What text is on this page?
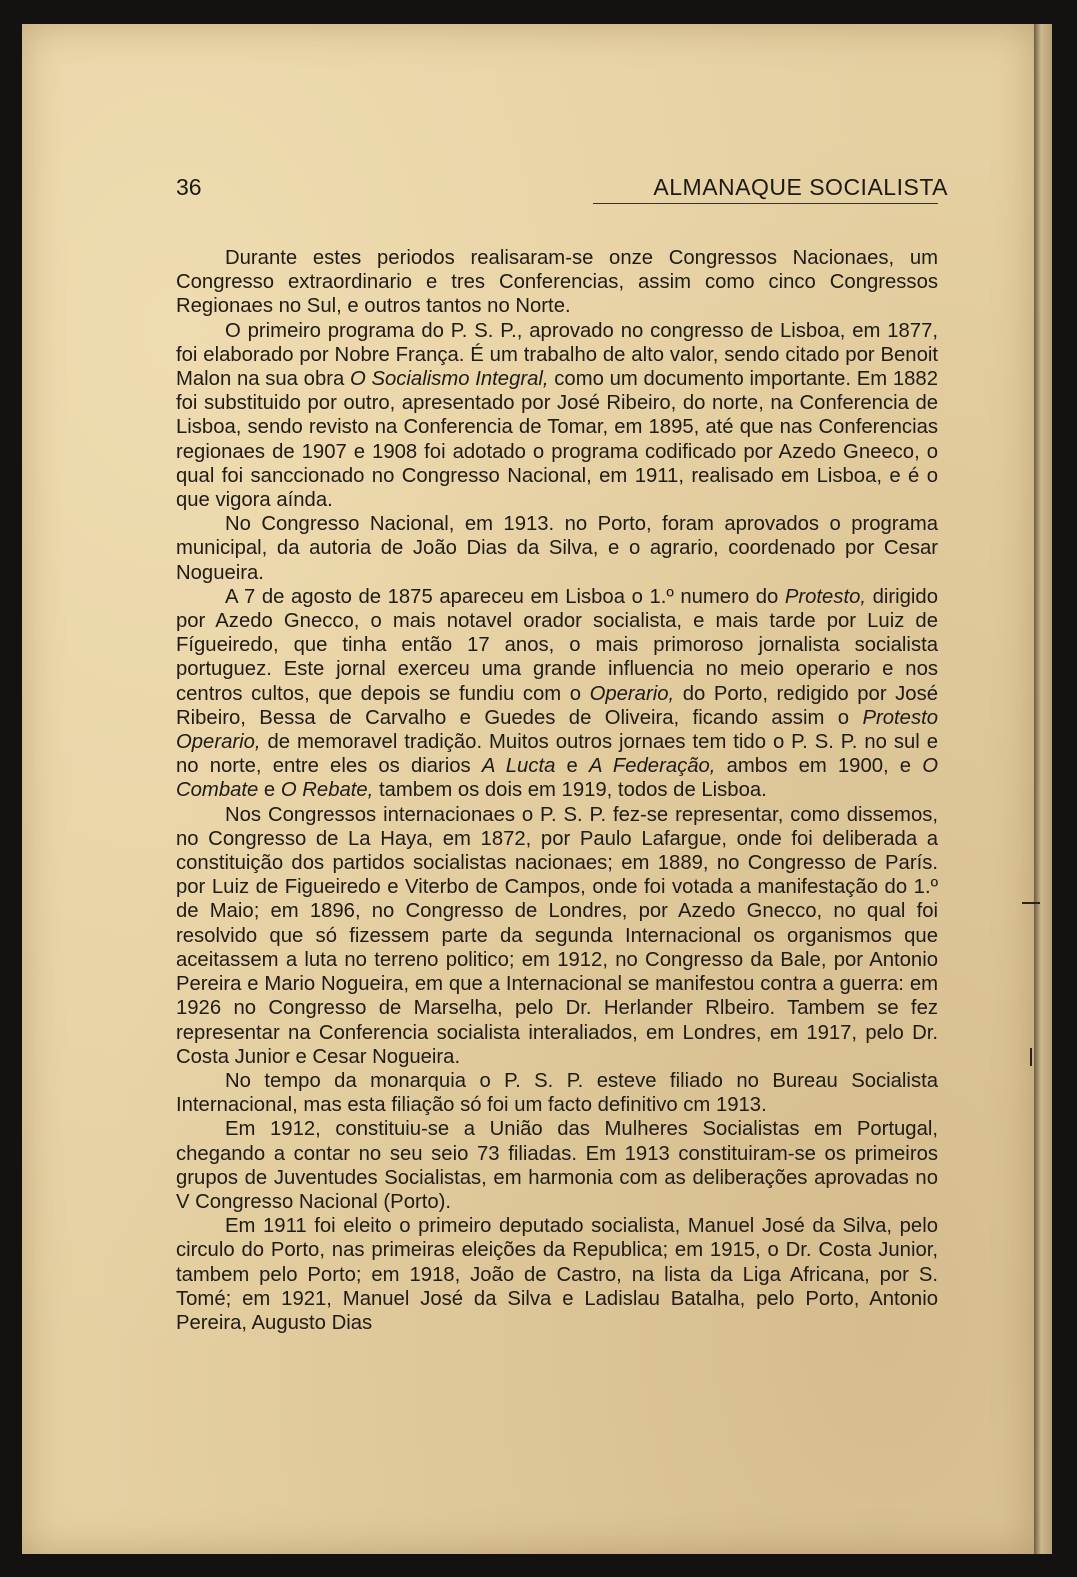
36	ALMANAQUE SOCIALISTA

Durante estes periodos realisaram-se onze Congressos Nacionaes, um Congresso extraordinario e tres Conferencias, assim como cinco Congressos Regionaes no Sul, e outros tantos no Norte.

O primeiro programa do P. S. P., aprovado no congresso de Lisboa, em 1877, foi elaborado por Nobre França. É um trabalho de alto valor, sendo citado por Benoit Malon na sua obra O Socialismo Integral, como um documento importante. Em 1882 foi substituido por outro, apresentado por José Ribeiro, do norte, na Conferencia de Lisboa, sendo revisto na Conferencia de Tomar, em 1895, até que nas Conferencias regionaes de 1907 e 1908 foi adotado o programa codificado por Azedo Gneeco, o qual foi sanccionado no Congresso Nacional, em 1911, realisado em Lisboa, e é o que vigora aínda.

No Congresso Nacional, em 1913. no Porto, foram aprovados o programa municipal, da autoria de João Dias da Silva, e o agrario, coordenado por Cesar Nogueira.

A 7 de agosto de 1875 apareceu em Lisboa o 1.º numero do Protesto, dirigido por Azedo Gnecco, o mais notavel orador socialista, e mais tarde por Luiz de Fígueiredo, que tinha então 17 anos, o mais primoroso jornalista socialista portuguez. Este jornal exerceu uma grande influencia no meio operario e nos centros cultos, que depois se fundiu com o Operario, do Porto, redigido por José Ribeiro, Bessa de Carvalho e Guedes de Oliveira, ficando assim o Protesto Operario, de memoravel tradição. Muitos outros jornaes tem tido o P. S. P. no sul e no norte, entre eles os diarios A Lucta e A Federação, ambos em 1900, e O Combate e O Rebate, tambem os dois em 1919, todos de Lisboa.

Nos Congressos internacionaes o P. S. P. fez-se representar, como dissemos, no Congresso de La Haya, em 1872, por Paulo Lafargue, onde foi deliberada a constituição dos partidos socialistas nacionaes; em 1889, no Congresso de París. por Luiz de Figueiredo e Viterbo de Campos, onde foi votada a manifestação do 1.º de Maio; em 1896, no Congresso de Londres, por Azedo Gnecco, no qual foi resolvido que só fizessem parte da segunda Internacional os organismos que aceitassem a luta no terreno politico; em 1912, no Congresso da Bale, por Antonio Pereira e Mario Nogueira, em que a Internacional se manifestou contra a guerra: em 1926 no Congresso de Marselha, pelo Dr. Herlander Rlbeiro. Tambem se fez representar na Conferencia socialista interaliados, em Londres, em 1917, pelo Dr. Costa Junior e Cesar Nogueira.

No tempo da monarquia o P. S. P. esteve filiado no Bureau Socialista Internacional, mas esta filiação só foi um facto definitivo cm 1913.

Em 1912, constituiu-se a União das Mulheres Socialistas em Portugal, chegando a contar no seu seio 73 filiadas. Em 1913 constituiram-se os primeiros grupos de Juventudes Socialistas, em harmonia com as deliberações aprovadas no V Congresso Nacional (Porto).

Em 1911 foi eleito o primeiro deputado socialista, Manuel José da Silva, pelo circulo do Porto, nas primeiras eleições da Republica; em 1915, o Dr. Costa Junior, tambem pelo Porto; em 1918, João de Castro, na lista da Liga Africana, por S. Tomé; em 1921, Manuel José da Silva e Ladislau Batalha, pelo Porto, Antonio Pereira, Augusto Dias
